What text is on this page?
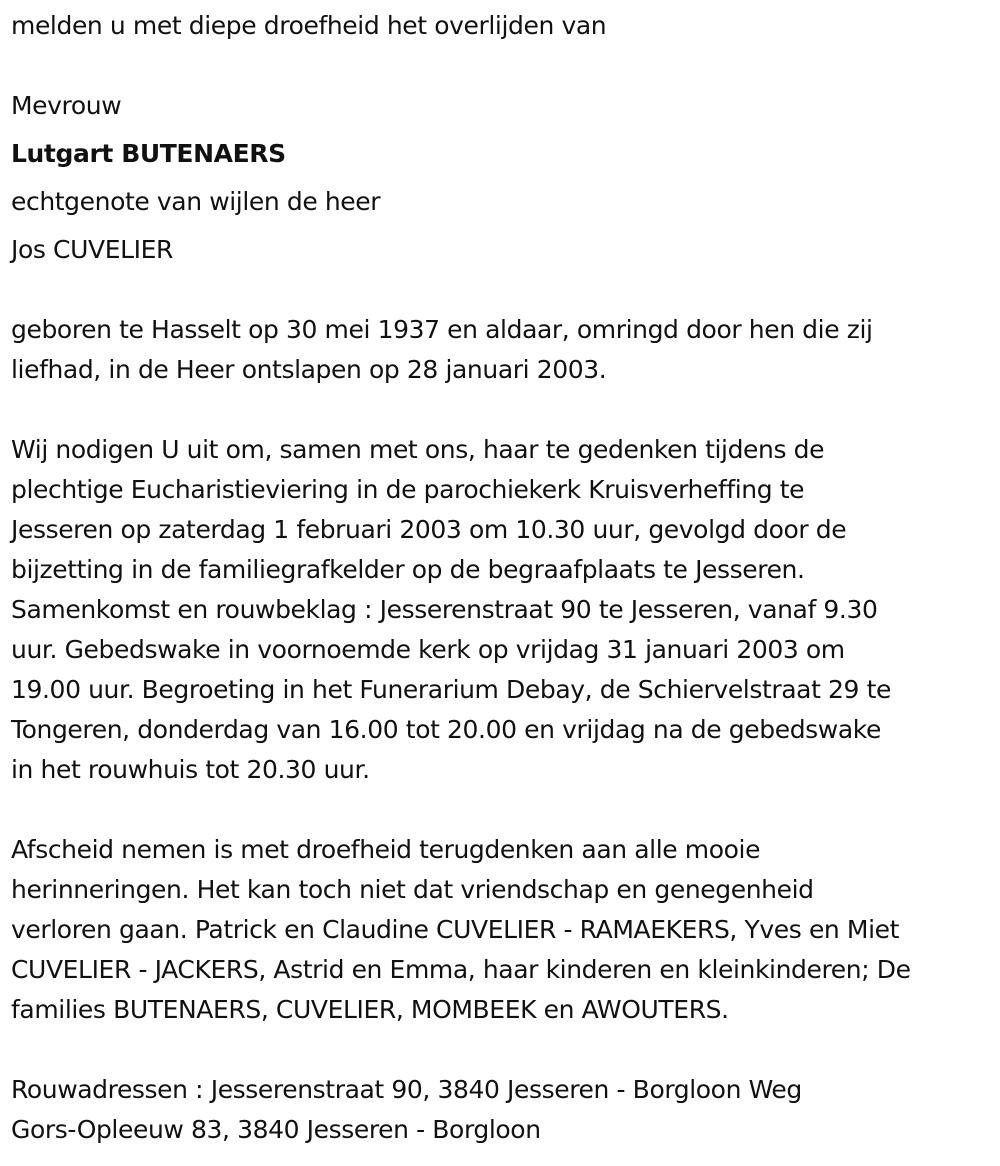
melden u met diepe droefheid het overlijden van
Mevrouw
Lutgart BUTENAERS
echtgenote van wijlen de heer
Jos CUVELIER
geboren te Hasselt op 30 mei 1937 en aldaar, omringd door hen die zij
liefhad, in de Heer ontslapen op 28 januari 2003.
Wij nodigen U uit om, samen met ons, haar te gedenken tijdens de
plechtige Eucharistieviering in de parochiekerk Kruisverheffing te
Jesseren op zaterdag 1 februari 2003 om 10.30 uur, gevolgd door de
bijzetting in de familiegrafkelder op de begraafplaats te Jesseren.
Samenkomst en rouwbeklag : Jesserenstraat 90 te Jesseren, vanaf 9.30
uur. Gebedswake in voornoemde kerk op vrijdag 31 januari 2003 om
19.00 uur. Begroeting in het Funerarium Debay, de Schiervelstraat 29 te
Tongeren, donderdag van 16.00 tot 20.00 en vrijdag na de gebedswake
in het rouwhuis tot 20.30 uur.
Afscheid nemen is met droefheid terugdenken aan alle mooie
herinneringen. Het kan toch niet dat vriendschap en genegenheid
verloren gaan. Patrick en Claudine CUVELIER - RAMAEKERS, Yves en Miet
CUVELIER - JACKERS, Astrid en Emma, haar kinderen en kleinkinderen; De
families BUTENAERS, CUVELIER, MOMBEEK en AWOUTERS.
Rouwadressen : Jesserenstraat 90, 3840 Jesseren - Borgloon Weg
Gors-Opleeuw 83, 3840 Jesseren - Borgloon
